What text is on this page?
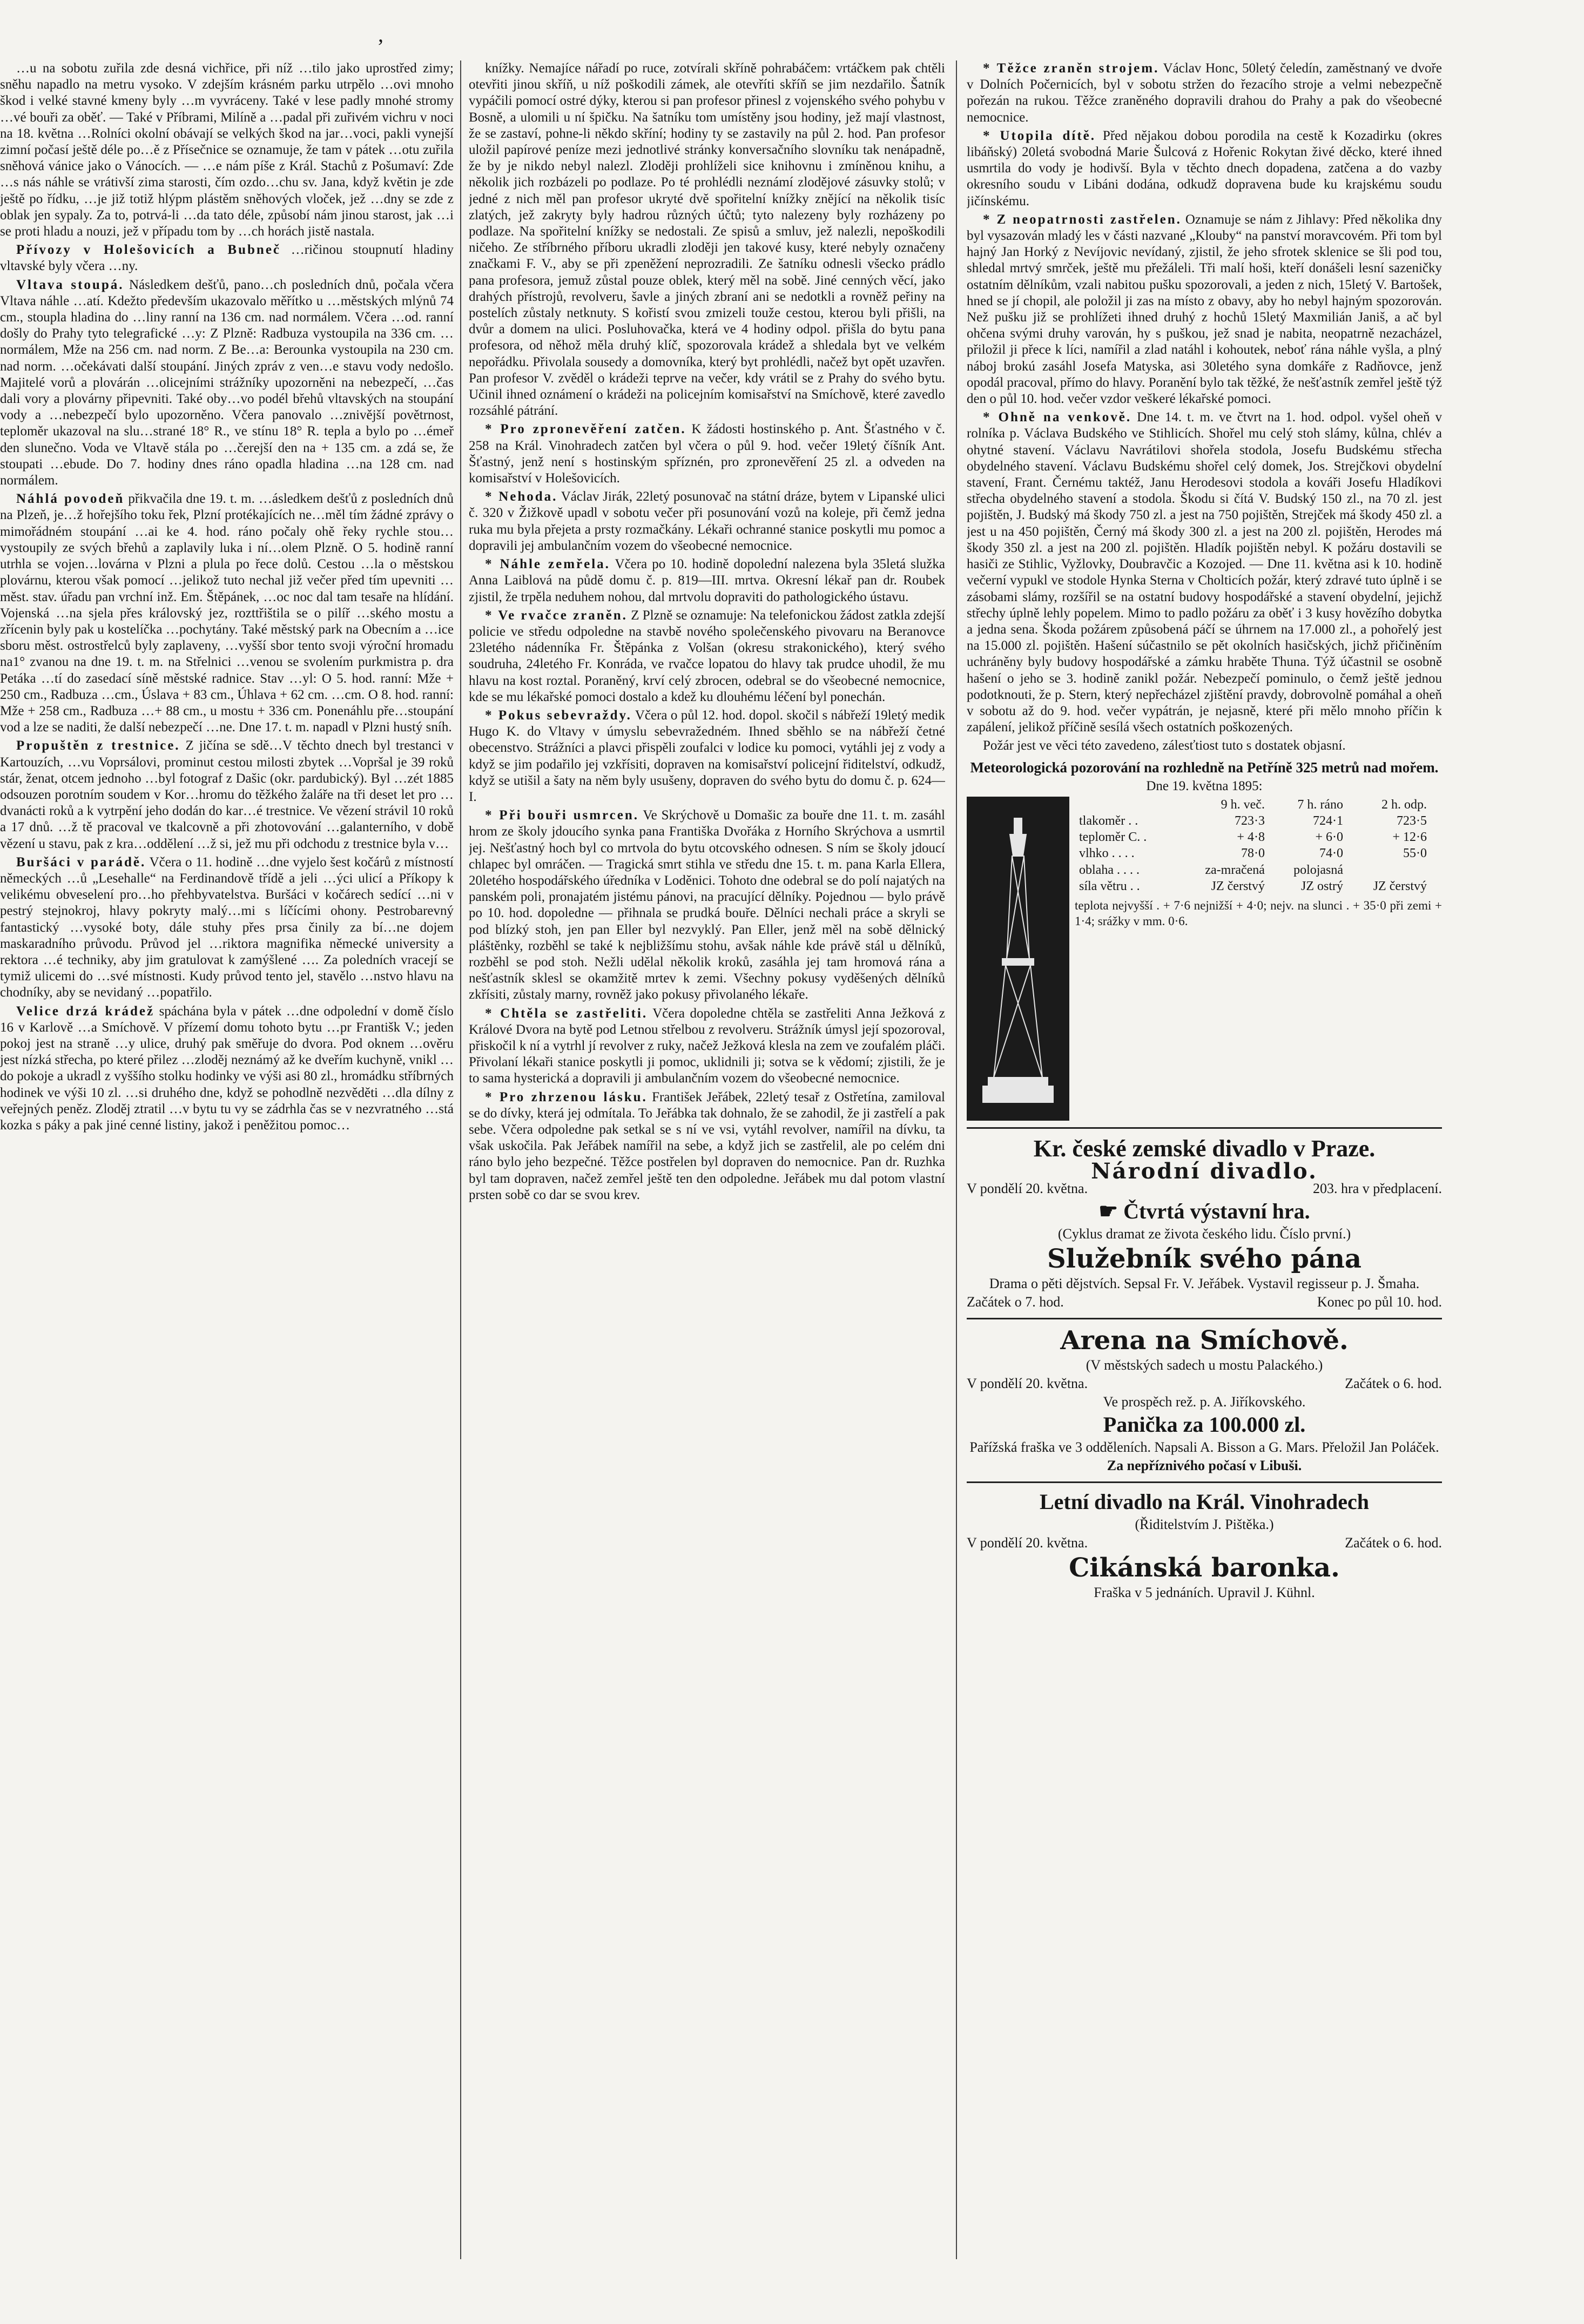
,

…u na sobotu zuřila zde desná vichřice, při níž …tilo jako uprostřed zimy; sněhu napadlo na metru vysoko. V zdejším krásném parku utrpělo …ovi mnoho škod i velké stavné kmeny byly …m vyvráceny. Také v lese padly mnohé stromy …vé bouři za oběť. — Také v Příbrami, Milíně a …padal při zuřivém vichru v noci na 18. května …Rolníci okolní obávají se velkých škod na jar…voci, pakli vynejší zimní počasí ještě déle po…ě z Přísečnice se oznamuje, že tam v pátek …otu zuřila sněhová vánice jako o Vánocích. — …e nám píše z Král. Stachů z Pošumaví: Zde …s nás náhle se vrátivší zima starosti, čím ozdo…chu sv. Jana, když květin je zde ještě po řídku, …je již totiž hlýpm plástěm sněhových vloček, jež …dny se zde z oblak jen sypaly. Za to, potrvá-li …da tato déle, způsobí nám jinou starost, jak …i se proti hladu a nouzi, jež v případu tom by …ch horách jistě nastala.

Přívozy v Holešovicích a Bubneč …ričinou stoupnutí hladiny vltavské byly včera …ny.

Vltava stoupá. Následkem dešťů, pano…ch posledních dnů, počala včera Vltava náhle …atí. Kdežto především ukazovalo měřítko u …městských mlýnů 74 cm., stoupla hladina do …liny ranní na 136 cm. nad normálem. Včera …od. ranní došly do Prahy tyto telegrafické …y: Z Plzně: Radbuza vystoupila na 336 cm. …normálem, Mže na 256 cm. nad norm. Z Be…a: Berounka vystoupila na 230 cm. nad norm. …očekávati další stoupání. Jiných zpráv z ven…e stavu vody nedošlo. Majitelé vorů a plovárán …olicejními strážníky upozorněni na nebezpečí, …čas dali vory a plovárny připevniti. Také oby…vo podél břehů vltavských na stoupání vody a …nebezpečí bylo upozorněno. Včera panovalo …znivější povětrnost, teploměr ukazoval na slu…strané 18° R., ve stínu 18° R. tepla a bylo po …émeř den slunečno. Voda ve Vltavě stála po …čerejší den na + 135 cm. a zdá se, že stoupati …ebude. Do 7. hodiny dnes ráno opadla hladina …na 128 cm. nad normálem.

Náhlá povodeň přikvačila dne 19. t. m. …ásledkem dešťů z posledních dnů na Plzeň, je…ž hořejšího toku řek, Plzní protékajících ne…měl tím žádné zprávy o mimořádném stoupání …ai ke 4. hod. ráno počaly ohě řeky rychle stou…vystoupily ze svých břehů a zaplavily luka i ní…olem Plzně. O 5. hodině ranní utrhla se vojen…lovárna v Plzni a plula po řece dolů. Cestou …la o městskou plovárnu, kterou však pomocí …jelikož tuto nechal již večer před tím upevniti …měst. stav. úřadu pan vrchní inž. Em. Štěpánek, …oc noc dal tam tesaře na hlídání. Vojenská …na sjela přes královský jez, rozttřištila se o pilíř …ského mostu a zřícenin byly pak u kostelíčka …pochytány. Také městský park na Obecním a …ice sboru měst. ostrostřelců byly zaplaveny, …vyšší sbor tento svoji výroční hromadu na1° zvanou na dne 19. t. m. na Střelnici …venou se svolením purkmistra p. dra Petáka …tí do zasedací síně městské radnice. Stav …yl: O 5. hod. ranní: Mže + 250 cm., Radbuza …cm., Úslava + 83 cm., Úhlava + 62 cm. …cm. O 8. hod. ranní: Mže + 258 cm., Radbuza …+ 88 cm., u mostu + 336 cm. Ponenáhlu pře…stoupání vod a lze se naditi, že další nebezpečí …ne. Dne 17. t. m. napadl v Plzni hustý sníh.

Propuštěn z trestnice. Z jičína se sdě…V těchto dnech byl trestanci v Kartouzích, …vu Voprsálovi, prominut cestou milosti zbytek …Vopršal je 39 roků stár, ženat, otcem jednoho …byl fotograf z Dašic (okr. pardubický). Byl …zét 1885 odsouzen porotním soudem v Kor…hromu do těžkého žaláře na tři deset let pro …dvanácti roků a k vytrpění jeho dodán do kar…é trestnice. Ve vězení strávil 10 roků a 17 dnů. …ž tě pracoval ve tkalcovně a při zhotovování …galanterního, v době vězení u stavu, pak z kra…oddělení …ž si, jež mu při odchodu z trestnice byla v…

Buršáci v parádě. Včera o 11. hodině …dne vyjelo šest kočárů z místností německých …ů „Lesehalle“ na Ferdinandově třídě a jeli …ýci ulicí a Příkopy k velikému obveselení pro…ho přehbyvatelstva. Buršáci v kočárech sedící …ni v pestrý stejnokroj, hlavy pokryty malý…mi s líčícími ohony. Pestrobarevný fantastický …vysoké boty, dále stuhy přes prsa činily za bí…ne dojem maskaradního průvodu. Průvod jel …riktora magnifika německé university a rektora …é techniky, aby jim gratulovat k zamýšlené …. Za poledních vracejí se tymiž ulicemi do …své místnosti. Kudy průvod tento jel, stavělo …nstvo hlavu na chodníky, aby se nevidaný …popatřilo.

Velice drzá krádež spáchána byla v pátek …dne odpolední v domě číslo 16 v Karlově …a Smíchově. V přízemí domu tohoto bytu …pr Františk V.; jeden pokoj jest na straně …y ulice, druhý pak směřuje do dvora. Pod oknem …ověru jest nízká střecha, po které přilez …zloděj neznámý až ke dveřím kuchyně, vnikl …do pokoje a ukradl z vyššího stolku hodinky ve výši asi 80 zl., hromádku stříbrných hodinek ve výši 10 zl. …si druhého dne, když se pohodlně nezvěděti …dla dílny z veřejných peněz. Zloděj ztratil …v bytu tu vy se zádrhla čas se v nezvratného …stá kozka s páky a pak jiné cenné listiny, jakož i peněžitou pomoc…

knížky. Nemajíce nářadí po ruce, zotvírali skříně pohrabáčem: vrtáčkem pak chtěli otevřiti jinou skříň, u níž poškodili zámek, ale otevříti skříň se jim nezdařilo. Šatník vypáčili pomocí ostré dýky, kterou si pan profesor přinesl z vojenského svého pohybu v Bosně, a ulomili u ní špičku. Na šatníku tom umístěny jsou hodiny, jež mají vlastnost, že se zastaví, pohne-li někdo skříní; hodiny ty se zastavily na půl 2. hod. Pan profesor uložil papírové peníze mezi jednotlivé stránky konversačního slovníku tak nenápadně, že by je nikdo nebyl nalezl. Zloději prohlíželi sice knihovnu i zmíněnou knihu, a několik jich rozbázeli po podlaze. Po té prohlédli neznámí zlodějové zásuvky stolů; v jedné z nich měl pan profesor ukryté dvě spořitelní knížky znějící na několik tisíc zlatých, jež zakryty byly hadrou různých účtů; tyto nalezeny byly rozházeny po podlaze. Na spořitelní knížky se nedostali. Ze spisů a smluv, jež nalezli, nepoškodili ničeho. Ze stříbrného příboru ukradli zloději jen takové kusy, které nebyly označeny značkami F. V., aby se při zpeněžení neprozradili. Ze šatníku odnesli všecko prádlo pana profesora, jemuž zůstal pouze oblek, který měl na sobě. Jiné cenných věcí, jako drahých přístrojů, revolveru, šavle a jiných zbraní ani se nedotkli a rovněž peřiny na postelích zůstaly netknuty. S kořistí svou zmizeli touže cestou, kterou byli přišli, na dvůr a domem na ulici. Posluhovačka, která ve 4 hodiny odpol. přišla do bytu pana profesora, od něhož měla druhý klíč, spozorovala krádež a shledala byt ve velkém nepořádku. Přivolala sousedy a domovníka, který byt prohlédli, načež byt opět uzavřen. Pan profesor V. zvěděl o krádeži teprve na večer, kdy vrátil se z Prahy do svého bytu. Učinil ihned oznámení o krádeži na policejním komisařství na Smíchově, které zavedlo rozsáhlé pátrání.

* Pro zpronevěření zatčen. K žádosti hostinského p. Ant. Šťastného v č. 258 na Král. Vinohradech zatčen byl včera o půl 9. hod. večer 19letý číšník Ant. Šťastný, jenž není s hostinským spříznén, pro zpronevěření 25 zl. a odveden na komisařství v Holešovicích.

* Nehoda. Václav Jirák, 22letý posunovač na státní dráze, bytem v Lipanské ulici č. 320 v Žižkově upadl v sobotu večer při posunování vozů na koleje, při čemž jedna ruka mu byla přejeta a prsty rozmačkány. Lékaři ochranné stanice poskytli mu pomoc a dopravili jej ambulančním vozem do všeobecné nemocnice.

* Náhle zemřela. Včera po 10. hodině dopolední nalezena byla 35letá služka Anna Laiblová na půdě domu č. p. 819—III. mrtva. Okresní lékař pan dr. Roubek zjistil, že trpěla neduhem nohou, dal mrtvolu dopraviti do pathologického ústavu.

* Ve rvačce zraněn. Z Plzně se oznamuje: Na telefonickou žádost zatkla zdejší policie ve středu odpoledne na stavbě nového společenského pivovaru na Beranovce 23letého nádenníka Fr. Štěpánka z Volšan (okresu strakonického), který svého soudruha, 24letého Fr. Konráda, ve rvačce lopatou do hlavy tak prudce uhodil, že mu hlavu na kost roztal. Poraněný, krví celý zbrocen, odebral se do všeobecné nemocnice, kde se mu lékařské pomoci dostalo a kdež ku dlouhému léčení byl ponechán.

* Pokus sebevraždy. Včera o půl 12. hod. dopol. skočil s nábřeží 19letý medik Hugo K. do Vltavy v úmyslu sebevražedném. Ihned sběhlo se na nábřeží četné obecenstvo. Strážníci a plavci přispěli zoufalci v lodice ku pomoci, vytáhli jej z vody a když se jim podařilo jej vzkřísiti, dopraven na komisařství policejní řiditelství, odkudž, když se utišil a šaty na něm byly usušeny, dopraven do svého bytu do domu č. p. 624—I.

* Při bouři usmrcen. Ve Skrýchově u Domašic za bouře dne 11. t. m. zasáhl hrom ze školy jdoucího synka pana Františka Dvořáka z Horního Skrýchova a usmrtil jej. Nešťastný hoch byl co mrtvola do bytu otcovského odnesen. S ním se školy jdoucí chlapec byl omráčen. — Tragická smrt stihla ve středu dne 15. t. m. pana Karla Ellera, 20letého hospodářského úředníka v Loděnici. Tohoto dne odebral se do polí najatých na panském poli, pronajatém jistému pánovi, na pracující dělníky. Pojednou — bylo právě po 10. hod. dopoledne — přihnala se prudká bouře. Dělníci nechali práce a skryli se pod blízký stoh, jen pan Eller byl nezvyklý. Pan Eller, jenž měl na sobě dělnický pláštěnky, rozběhl se také k nejbližšímu stohu, avšak náhle kde právě stál u dělníků, rozběhl se pod stoh. Nežli udělal několik kroků, zasáhla jej tam hromová rána a nešťastník sklesl se okamžitě mrtev k zemi. Všechny pokusy vyděšených dělníků zkřísiti, zůstaly marny, rovněž jako pokusy přivolaného lékaře.

* Chtěla se zastřeliti. Včera dopoledne chtěla se zastřeliti Anna Ježková z Králové Dvora na bytě pod Letnou střelbou z revolveru. Strážník úmysl její spozoroval, přiskočil k ní a vytrhl jí revolver z ruky, načež Ježková klesla na zem ve zoufalém pláči. Přivolaní lékaři stanice poskytli ji pomoc, uklidnili ji; sotva se k vědomí; zjistili, že je to sama hysterická a dopravili ji ambulančním vozem do všeobecné nemocnice.

* Pro zhrzenou lásku. František Jeřábek, 22letý tesař z Ostřetína, zamiloval se do dívky, která jej odmítala. To Jeřábka tak dohnalo, že se zahodil, že ji zastřelí a pak sebe. Včera odpoledne pak setkal se s ní ve vsi, vytáhl revolver, namířil na dívku, ta však uskočila. Pak Jeřábek namířil na sebe, a když jich se zastřelil, ale po celém dni ráno bylo jeho bezpečné. Těžce postřelen byl dopraven do nemocnice. Pan dr. Ruzhka byl tam dopraven, načež zemřel ještě ten den odpoledne. Jeřábek mu dal potom vlastní prsten sobě co dar se svou krev.

* Těžce zraněn strojem. Václav Honc, 50letý čeledín, zaměstnaný ve dvoře v Dolních Počernicích, byl v sobotu stržen do řezacího stroje a velmi nebezpečně pořezán na rukou. Těžce zraněného dopravili drahou do Prahy a pak do všeobecné nemocnice.

* Utopila dítě. Před nějakou dobou porodila na cestě k Kozadirku (okres libáňský) 20letá svobodná Marie Šulcová z Hořenic Rokytan živé děcko, které ihned usmrtila do vody je hodivší. Byla v těchto dnech dopadena, zatčena a do vazby okresního soudu v Libáni dodána, odkudž dopravena bude ku krajskému soudu jičínskému.

* Z neopatrnosti zastřelen. Oznamuje se nám z Jihlavy: Před několika dny byl vysazován mladý les v části nazvané „Klouby“ na panství moravcovém. Při tom byl hajný Jan Horký z Nevíjovic nevídaný, zjistil, že jeho sfrotek sklenice se šli pod tou, shledal mrtvý smrček, ještě mu přežáleli. Tři malí hoši, kteří donášeli lesní sazeničky ostatním dělníkům, vzali nabitou pušku spozorovali, a jeden z nich, 15letý V. Bartošek, hned se jí chopil, ale položil ji zas na místo z obavy, aby ho nebyl hajným spozorován. Než pušku již se prohlížeti ihned druhý z hochů 15letý Maxmilián Janiš, a ač byl ohčena svými druhy varován, hy s puškou, jež snad je nabita, neopatrně nezacházel, přiložil ji přece k líci, namířil a zlad natáhl i kohoutek, neboť rána náhle vyšla, a plný náboj brokú zasáhl Josefa Matyska, asi 30letého syna domkáře z Radňovce, jenž opodál pracoval, přímo do hlavy. Poranění bylo tak těžké, že nešťastník zemřel ještě týž den o půl 10. hod. večer vzdor veškeré lékařské pomoci.

* Ohně na venkově. Dne 14. t. m. ve čtvrt na 1. hod. odpol. vyšel oheň v rolníka p. Václava Budského ve Stihlicích. Shořel mu celý stoh slámy, kůlna, chlév a ohytné stavení. Václavu Navrátilovi shořela stodola, Josefu Budskému střecha obydelného stavení. Václavu Budskému shořel celý domek, Jos. Strejčkovi obydelní stavení, Frant. Černému taktéž, Janu Herodesovi stodola a kováři Josefu Hladíkovi střecha obydelného stavení a stodola. Škodu si čítá V. Budský 150 zl., na 70 zl. jest pojištěn, J. Budský má škody 750 zl. a jest na 750 pojištěn, Strejček má škody 450 zl. a jest u na 450 pojištěn, Černý má škody 300 zl. a jest na 200 zl. pojištěn, Herodes má škody 350 zl. a jest na 200 zl. pojištěn. Hladík pojištěn nebyl. K požáru dostavili se hasiči ze Stihlic, Vyžlovky, Doubravčic a Kozojed. — Dne 11. května asi k 10. hodině večerní vypukl ve stodole Hynka Sterna v Cholticích požár, který zdravé tuto úplně i se zásobami slámy, rozšířil se na ostatní budovy hospodářské a stavení obydelní, jejichž střechy úplně lehly popelem. Mimo to padlo požáru za oběť i 3 kusy hovězího dobytka a jedna sena. Škoda požárem způsobená páčí se úhrnem na 17.000 zl., a pohořelý jest na 15.000 zl. pojištěn. Hašení súčastnilo se pět okolních hasičských, jichž přičiněním uchráněny byly budovy hospodářské a zámku hraběte Thuna. Týž účastnil se osobně hašení o jeho se 3. hodině zanikl požár. Nebezpečí pominulo, o čemž ještě jednou podotknouti, že p. Stern, který nepřecházel zjištění pravdy, dobrovolně pomáhal a oheň v sobotu až do 9. hod. večer vypátrán, je nejasně, které při mělo mnoho příčin k zapálení, jelikož příčině sesílá všech ostatních poškozených.

Požár jest ve věci této zavedeno, zálesťtiost tuto s dostatek objasní.

Meteorologická pozorování na rozhledně na Petříně 325 metrů nad mořem.
Dne 19. května 1895:
	9 h. več.	7 h. ráno	2 h. odp.
tlakoměr . .	723·3	724·1	723·5
teploměr C. .	+ 4·8	+ 6·0	+ 12·6
vlhko . . . .	78·0	74·0	55·0
oblaha . . . .	za-mračená	polojasná	
síla větru . .	JZ čerstvý	JZ ostrý	JZ čerstvý
teplota nejvyšší . + 7·6 nejnižší + 4·0; nejv. na slunci . + 35·0 při zemi + 1·4; srážky v mm. 0·6.
Kr. české zemské divadlo v Praze.
Národní divadlo.
V pondělí 20. května.	203. hra v předplacení.
☛ Čtvrtá výstavní hra.
(Cyklus dramat ze života českého lidu. Číslo první.)
Služebník svého pána
Drama o pěti dějstvích. Sepsal Fr. V. Jeřábek. Vystavil regisseur p. J. Šmaha.
Začátek o 7. hod.	Konec po půl 10. hod.
Arena na Smíchově.
(V městských sadech u mostu Palackého.)
V pondělí 20. května.	Začátek o 6. hod.
Ve prospěch rež. p. A. Jiříkovského.
Panička za 100.000 zl.
Pařížská fraška ve 3 odděleních. Napsali A. Bisson a G. Mars. Přeložil Jan Poláček.
Za nepříznivého počasí v Libuši.
Letní divadlo na Král. Vinohradech
(Řiditelstvím J. Pištěka.)
V pondělí 20. května.	Začátek o 6. hod.
Cikánská baronka.
Fraška v 5 jednáních. Upravil J. Kühnl.
